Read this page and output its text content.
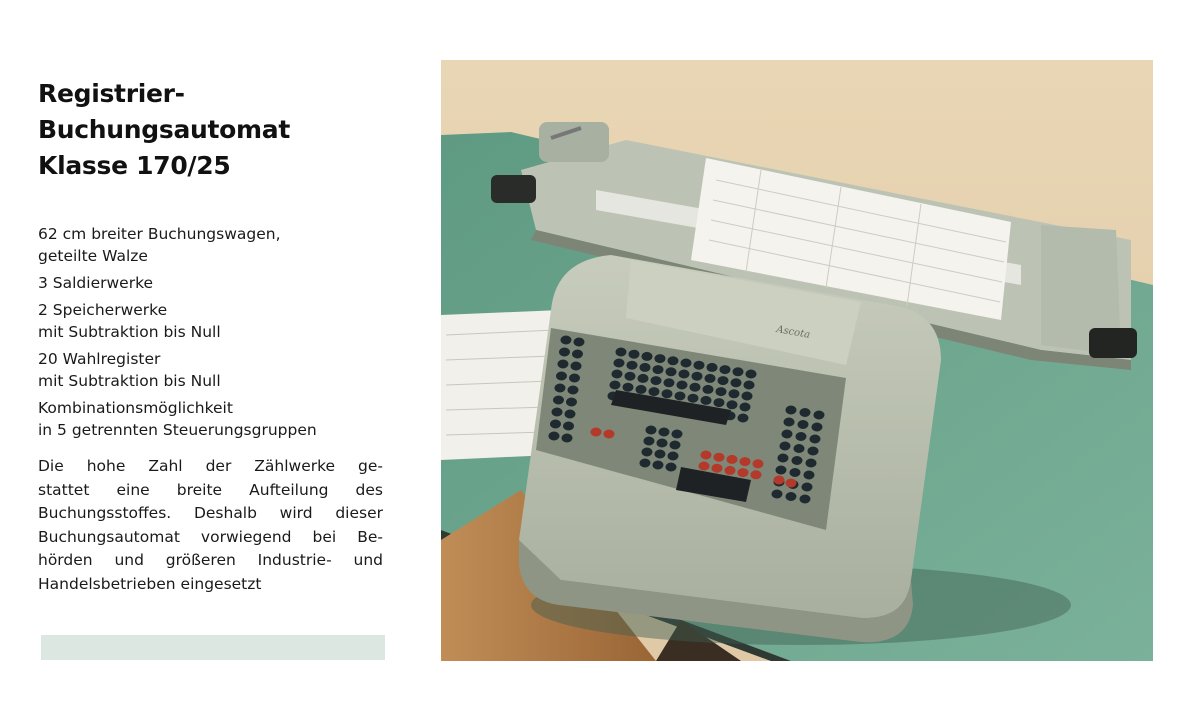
Registrier-
Buchungsautomat
Klasse 170/25

62 cm breiter Buchungswagen,
geteilte Walze

3 Saldierwerke

2 Speicherwerke
mit Subtraktion bis Null

20 Wahlregister
mit Subtraktion bis Null

Kombinationsmöglichkeit
in 5 getrennten Steuerungsgruppen

Die hohe Zahl der Zählwerke ge-
stattet eine breite Aufteilung des
Buchungsstoffes. Deshalb wird dieser
Buchungsautomat vorwiegend bei Be-
hörden und größeren Industrie- und
Handelsbetrieben eingesetzt

Ascota
